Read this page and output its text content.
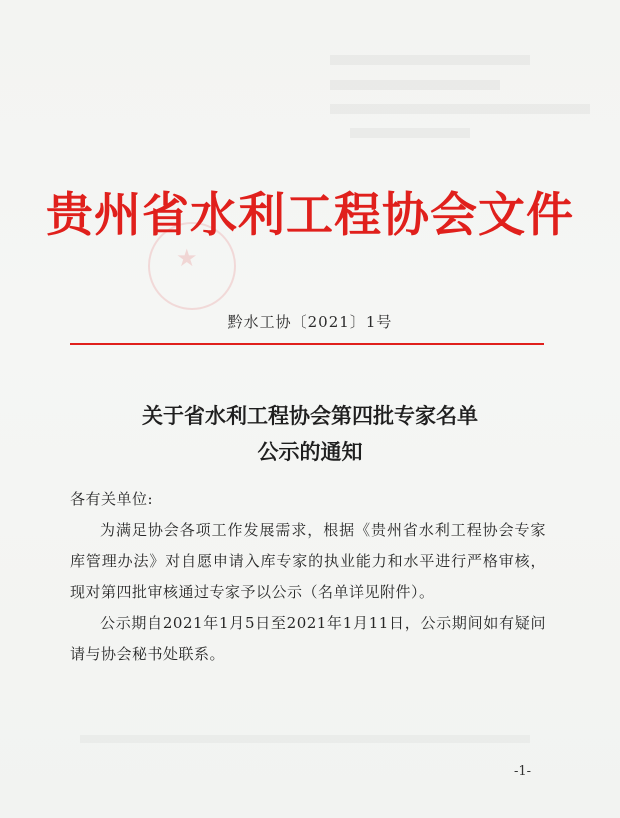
★
贵州省水利工程协会文件
黔水工协〔2021〕1号
关于省水利工程协会第四批专家名单
公示的通知

各有关单位:

为满足协会各项工作发展需求，根据《贵州省水利工程协会专家库管理办法》对自愿申请入库专家的执业能力和水平进行严格审核，现对第四批审核通过专家予以公示（名单详见附件）。

公示期自2021年1月5日至2021年1月11日，公示期间如有疑问请与协会秘书处联系。

-1-
